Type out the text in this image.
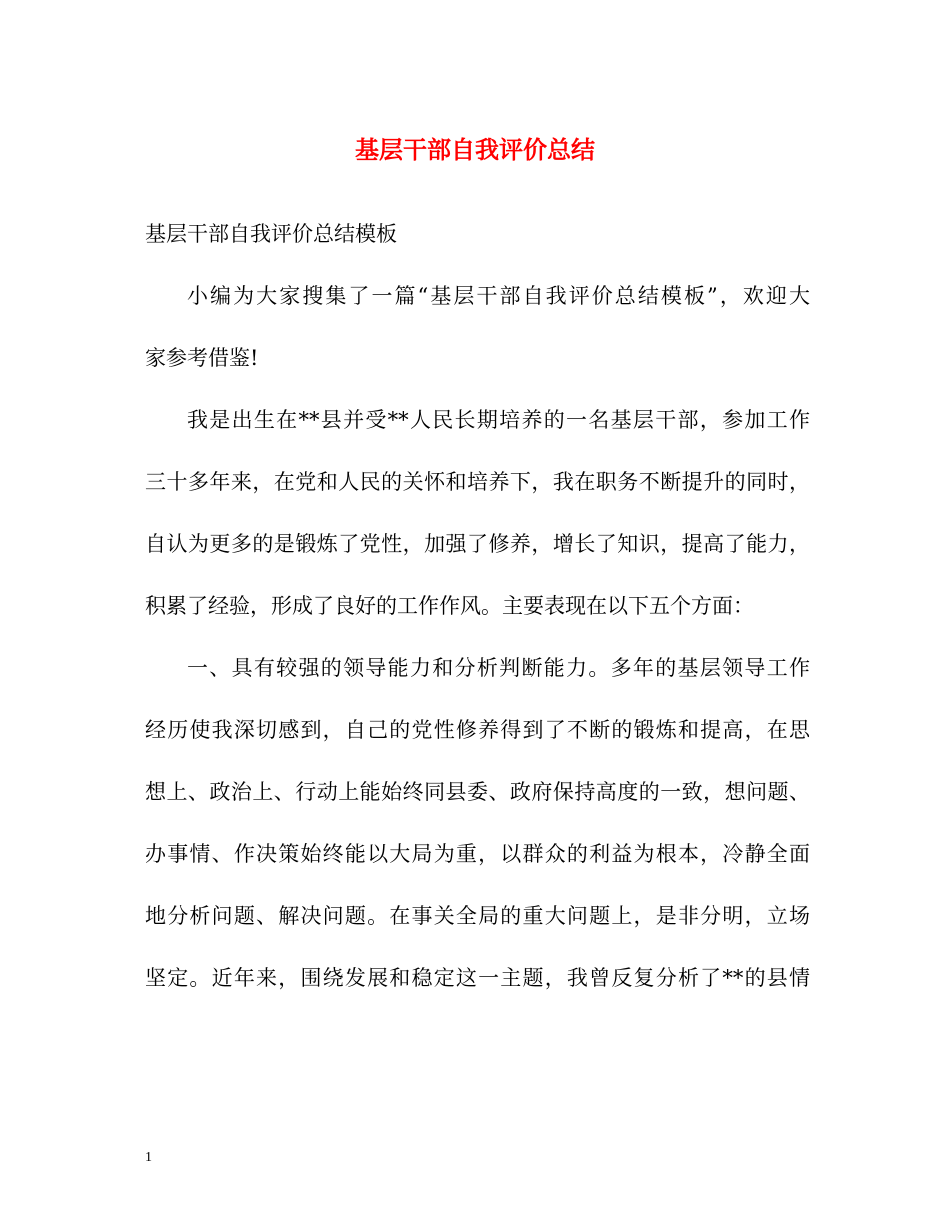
基层干部自我评价总结
基层干部自我评价总结模板
小编为大家搜集了一篇“基层干部自我评价总结模板”，欢迎大
家参考借鉴!
我是出生在**县并受**人民长期培养的一名基层干部，参加工作
三十多年来，在党和人民的关怀和培养下，我在职务不断提升的同时，
自认为更多的是锻炼了党性，加强了修养，增长了知识，提高了能力，
积累了经验，形成了良好的工作作风。主要表现在以下五个方面：
一、具有较强的领导能力和分析判断能力。多年的基层领导工作
经历使我深切感到，自己的党性修养得到了不断的锻炼和提高，在思
想上、政治上、行动上能始终同县委、政府保持高度的一致，想问题、
办事情、作决策始终能以大局为重，以群众的利益为根本，冷静全面
地分析问题、解决问题。在事关全局的重大问题上，是非分明，立场
坚定。近年来，围绕发展和稳定这一主题，我曾反复分析了**的县情
1
